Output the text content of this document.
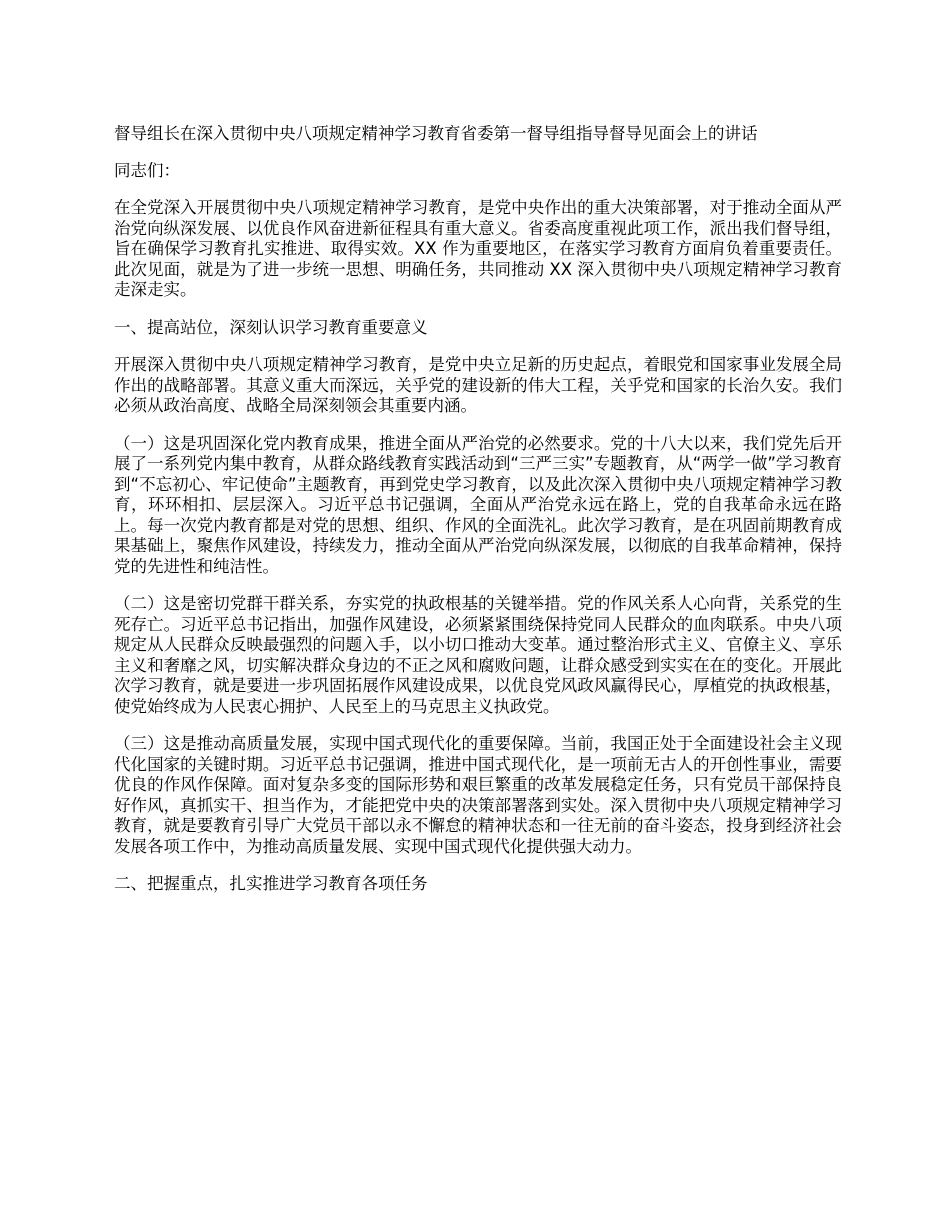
督导组长在深入贯彻中央八项规定精神学习教育省委第一督导组指导督导见面会上的讲话

同志们：

在全党深入开展贯彻中央八项规定精神学习教育，是党中央作出的重大决策部署，对于推动全面从严治党向纵深发展、以优良作风奋进新征程具有重大意义。省委高度重视此项工作，派出我们督导组，旨在确保学习教育扎实推进、取得实效。XX 作为重要地区，在落实学习教育方面肩负着重要责任。此次见面，就是为了进一步统一思想、明确任务，共同推动 XX 深入贯彻中央八项规定精神学习教育走深走实。

一、提高站位，深刻认识学习教育重要意义

开展深入贯彻中央八项规定精神学习教育，是党中央立足新的历史起点，着眼党和国家事业发展全局作出的战略部署。其意义重大而深远，关乎党的建设新的伟大工程，关乎党和国家的长治久安。我们必须从政治高度、战略全局深刻领会其重要内涵。

（一）这是巩固深化党内教育成果，推进全面从严治党的必然要求。党的十八大以来，我们党先后开展了一系列党内集中教育，从群众路线教育实践活动到“三严三实”专题教育，从“两学一做”学习教育到“不忘初心、牢记使命”主题教育，再到党史学习教育，以及此次深入贯彻中央八项规定精神学习教育，环环相扣、层层深入。习近平总书记强调，全面从严治党永远在路上，党的自我革命永远在路上。每一次党内教育都是对党的思想、组织、作风的全面洗礼。此次学习教育，是在巩固前期教育成果基础上，聚焦作风建设，持续发力，推动全面从严治党向纵深发展，以彻底的自我革命精神，保持党的先进性和纯洁性。

（二）这是密切党群干群关系，夯实党的执政根基的关键举措。党的作风关系人心向背，关系党的生死存亡。习近平总书记指出，加强作风建设，必须紧紧围绕保持党同人民群众的血肉联系。中央八项规定从人民群众反映最强烈的问题入手，以小切口推动大变革。通过整治形式主义、官僚主义、享乐主义和奢靡之风，切实解决群众身边的不正之风和腐败问题，让群众感受到实实在在的变化。开展此次学习教育，就是要进一步巩固拓展作风建设成果，以优良党风政风赢得民心，厚植党的执政根基，使党始终成为人民衷心拥护、人民至上的马克思主义执政党。

（三）这是推动高质量发展，实现中国式现代化的重要保障。当前，我国正处于全面建设社会主义现代化国家的关键时期。习近平总书记强调，推进中国式现代化，是一项前无古人的开创性事业，需要优良的作风作保障。面对复杂多变的国际形势和艰巨繁重的改革发展稳定任务，只有党员干部保持良好作风，真抓实干、担当作为，才能把党中央的决策部署落到实处。深入贯彻中央八项规定精神学习教育，就是要教育引导广大党员干部以永不懈怠的精神状态和一往无前的奋斗姿态，投身到经济社会发展各项工作中，为推动高质量发展、实现中国式现代化提供强大动力。

二、把握重点，扎实推进学习教育各项任务
